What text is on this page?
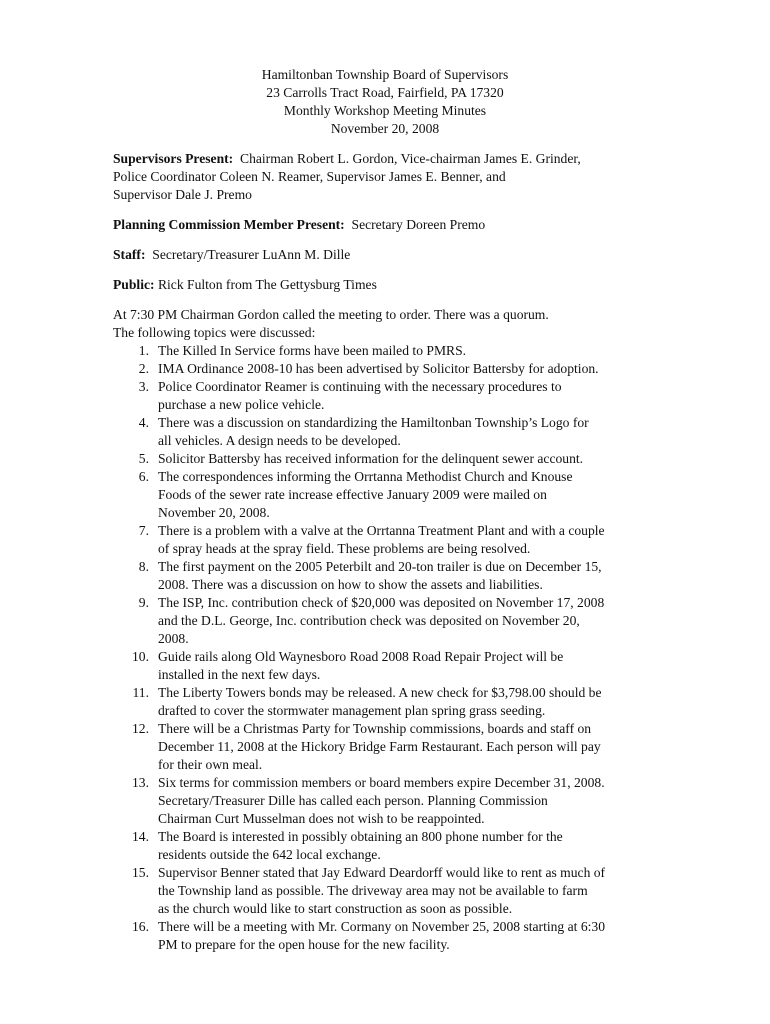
Hamiltonban Township Board of Supervisors
23 Carrolls Tract Road, Fairfield, PA 17320
Monthly Workshop Meeting Minutes
November 20, 2008
Supervisors Present: Chairman Robert L. Gordon, Vice-chairman James E. Grinder,
Police Coordinator Coleen N. Reamer, Supervisor James E. Benner, and
Supervisor Dale J. Premo
Planning Commission Member Present: Secretary Doreen Premo
Staff: Secretary/Treasurer LuAnn M. Dille
Public: Rick Fulton from The Gettysburg Times
At 7:30 PM Chairman Gordon called the meeting to order. There was a quorum.
The following topics were discussed:
1. The Killed In Service forms have been mailed to PMRS.
2. IMA Ordinance 2008-10 has been advertised by Solicitor Battersby for adoption.
3. Police Coordinator Reamer is continuing with the necessary procedures to
purchase a new police vehicle.
4. There was a discussion on standardizing the Hamiltonban Township’s Logo for
all vehicles. A design needs to be developed.
5. Solicitor Battersby has received information for the delinquent sewer account.
6. The correspondences informing the Orrtanna Methodist Church and Knouse
Foods of the sewer rate increase effective January 2009 were mailed on
November 20, 2008.
7. There is a problem with a valve at the Orrtanna Treatment Plant and with a couple
of spray heads at the spray field. These problems are being resolved.
8. The first payment on the 2005 Peterbilt and 20-ton trailer is due on December 15,
2008. There was a discussion on how to show the assets and liabilities.
9. The ISP, Inc. contribution check of $20,000 was deposited on November 17, 2008
and the D.L. George, Inc. contribution check was deposited on November 20,
2008.
10. Guide rails along Old Waynesboro Road 2008 Road Repair Project will be
installed in the next few days.
11. The Liberty Towers bonds may be released. A new check for $3,798.00 should be
drafted to cover the stormwater management plan spring grass seeding.
12. There will be a Christmas Party for Township commissions, boards and staff on
December 11, 2008 at the Hickory Bridge Farm Restaurant. Each person will pay
for their own meal.
13. Six terms for commission members or board members expire December 31, 2008.
Secretary/Treasurer Dille has called each person. Planning Commission
Chairman Curt Musselman does not wish to be reappointed.
14. The Board is interested in possibly obtaining an 800 phone number for the
residents outside the 642 local exchange.
15. Supervisor Benner stated that Jay Edward Deardorff would like to rent as much of
the Township land as possible. The driveway area may not be available to farm
as the church would like to start construction as soon as possible.
16. There will be a meeting with Mr. Cormany on November 25, 2008 starting at 6:30
PM to prepare for the open house for the new facility.
